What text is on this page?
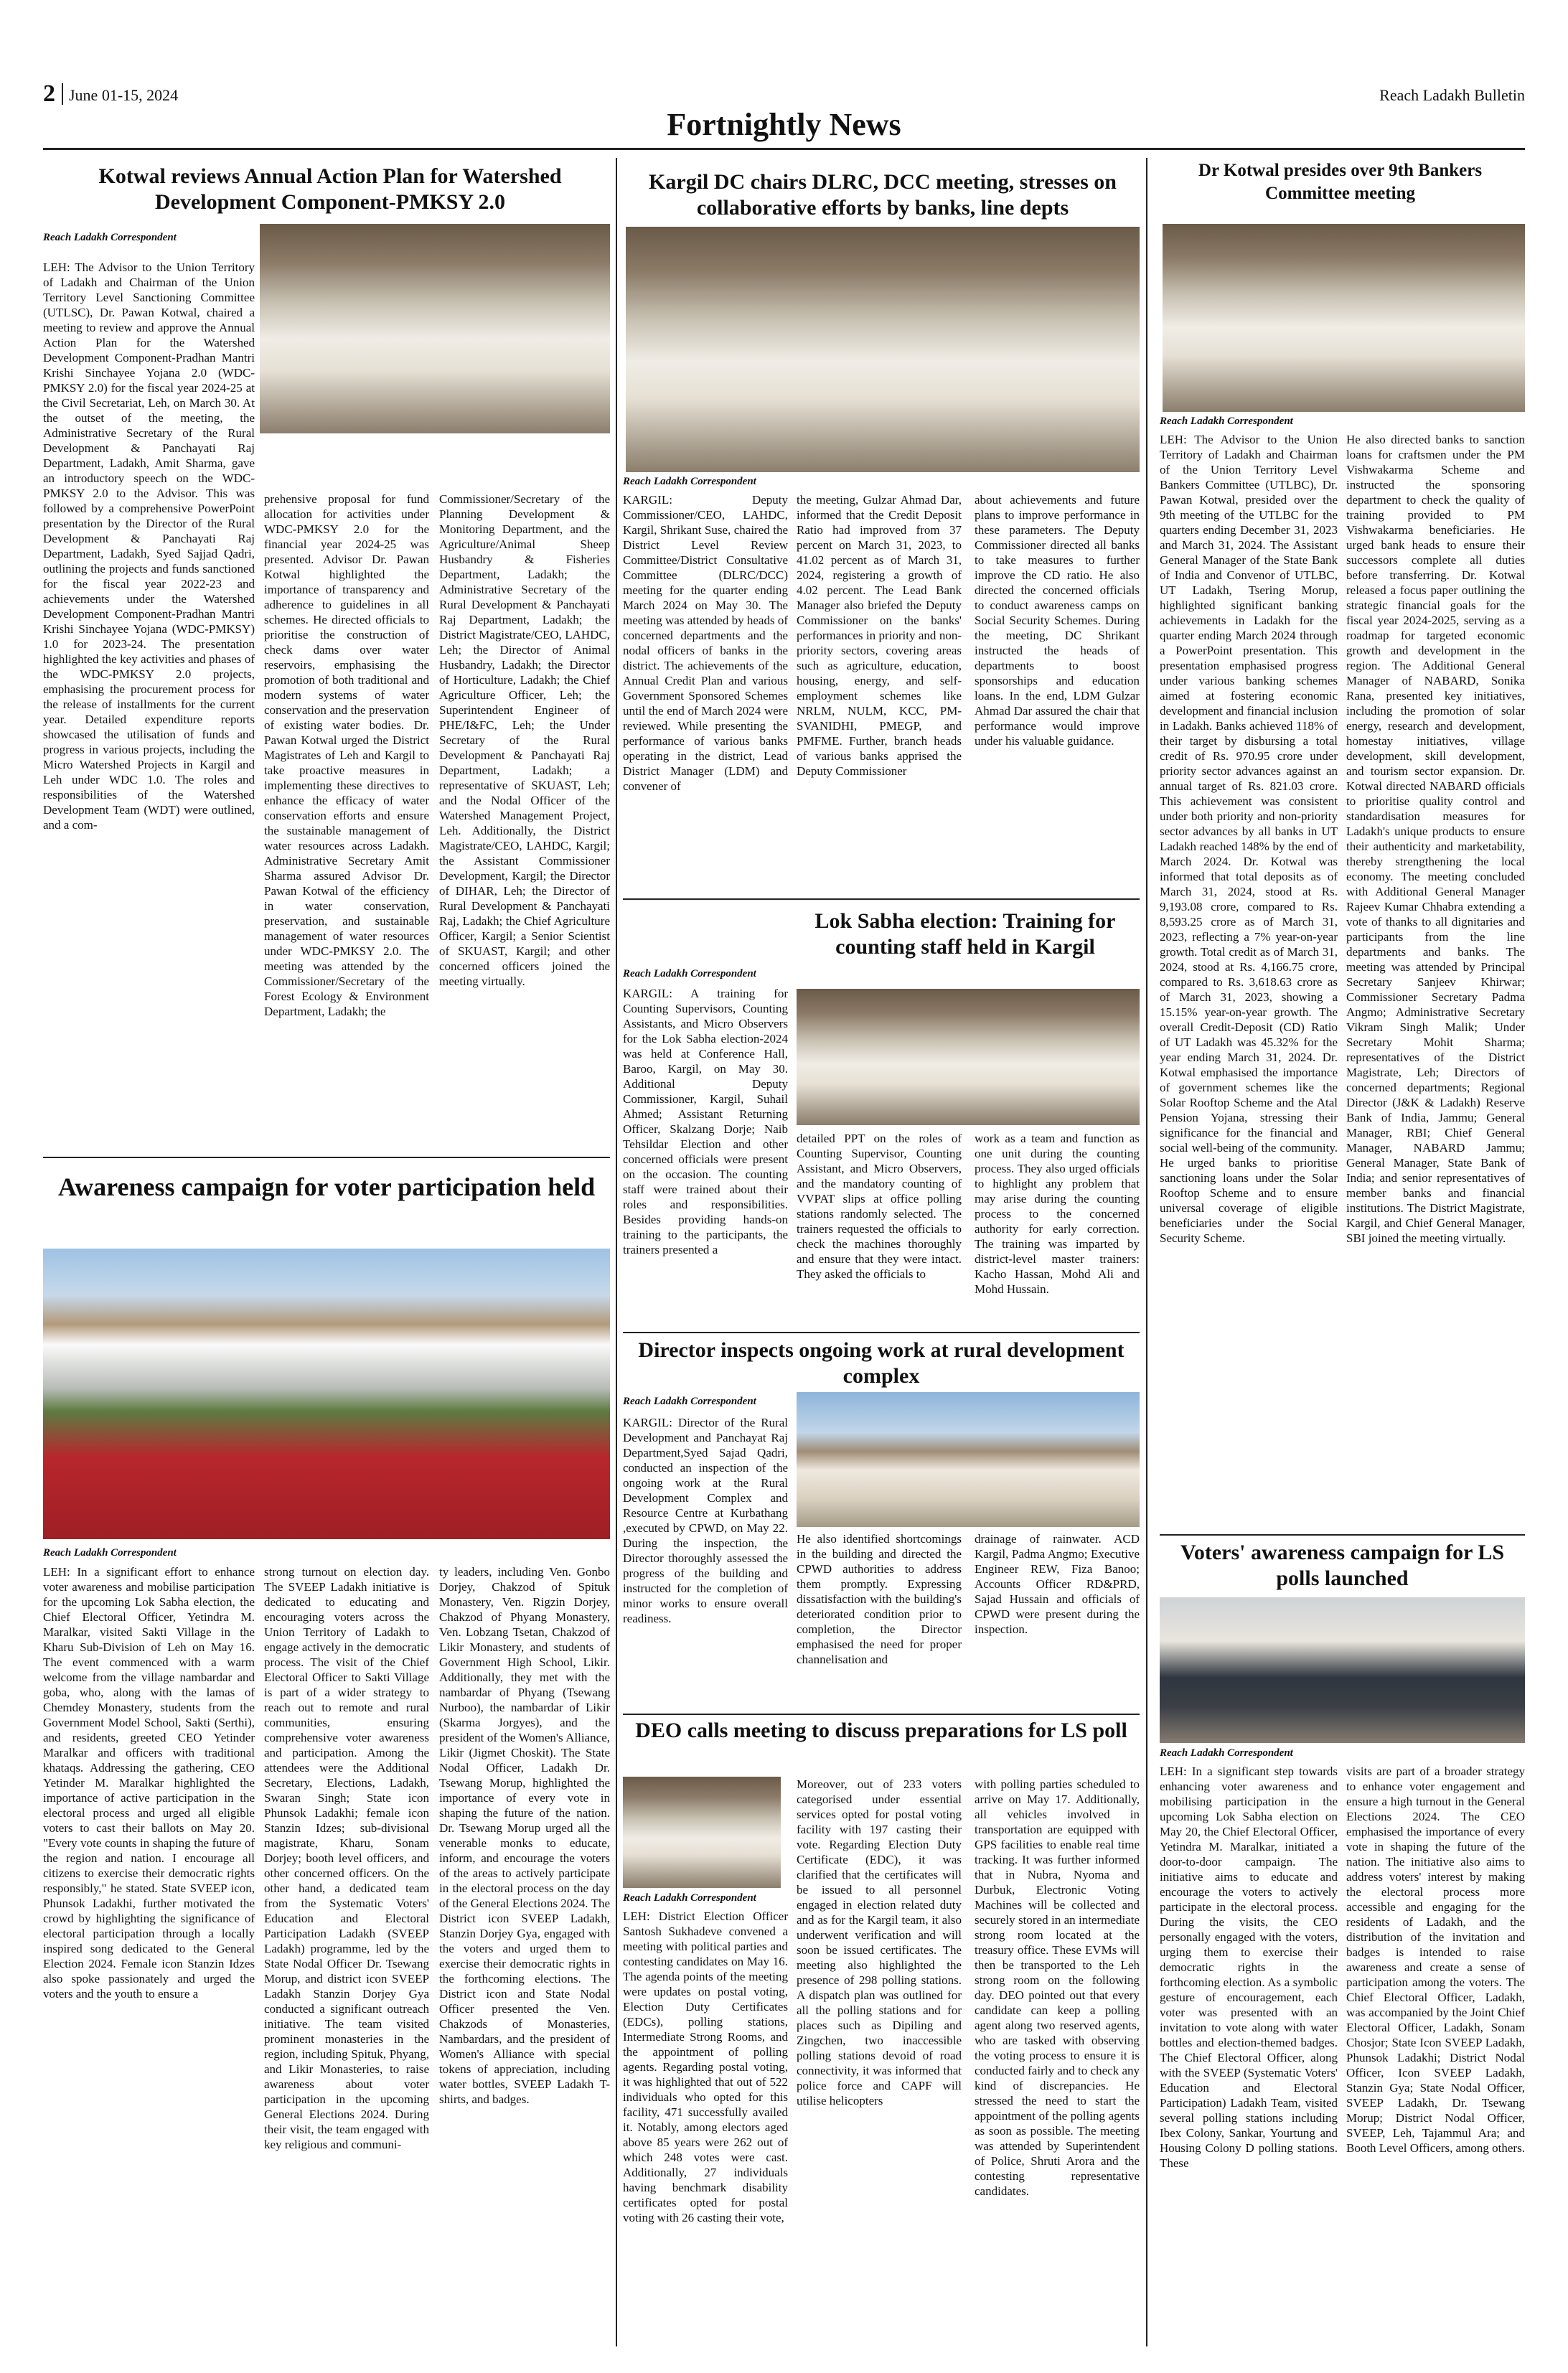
2 June 01-15, 2024	Reach Ladakh Bulletin
Fortnightly News
Kotwal reviews Annual Action Plan for Watershed Development Component-PMKSY 2.0
Reach Ladakh Correspondent
LEH: The Advisor to the Union Territory of Ladakh and Chairman of the Union Territory Level Sanctioning Committee (UTLSC), Dr. Pawan Kotwal, chaired a meeting to review and approve the Annual Action Plan for the Watershed Development Component-Pradhan Mantri Krishi Sinchayee Yojana 2.0 (WDC-PMKSY 2.0) for the fiscal year 2024-25 at the Civil Secretariat, Leh, on March 30. At the outset of the meeting, the Administrative Secretary of the Rural Development & Panchayati Raj Department, Ladakh, Amit Sharma, gave an introductory speech on the WDC-PMKSY 2.0 to the Advisor. This was followed by a comprehensive PowerPoint presentation by the Director of the Rural Development & Panchayati Raj Department, Ladakh, Syed Sajjad Qadri, outlining the projects and funds sanctioned for the fiscal year 2022-23 and achievements under the Watershed Development Component-Pradhan Mantri Krishi Sinchayee Yojana (WDC-PMKSY) 1.0 for 2023-24. The presentation highlighted the key activities and phases of the WDC-PMKSY 2.0 projects, emphasising the procurement process for the release of installments for the current year. Detailed expenditure reports showcased the utilisation of funds and progress in various projects, including the Micro Watershed Projects in Kargil and Leh under WDC 1.0. The roles and responsibilities of the Watershed Development Team (WDT) were outlined, and a com-
prehensive proposal for fund allocation for activities under WDC-PMKSY 2.0 for the financial year 2024-25 was presented. Advisor Dr. Pawan Kotwal highlighted the importance of transparency and adherence to guidelines in all schemes. He directed officials to prioritise the construction of check dams over water reservoirs, emphasising the promotion of both traditional and modern systems of water conservation and the preservation of existing water bodies. Dr. Pawan Kotwal urged the District Magistrates of Leh and Kargil to take proactive measures in implementing these directives to enhance the efficacy of water conservation efforts and ensure the sustainable management of water resources across Ladakh. Administrative Secretary Amit Sharma assured Advisor Dr. Pawan Kotwal of the efficiency in water conservation, preservation, and sustainable management of water resources under WDC-PMKSY 2.0. The meeting was attended by the Commissioner/Secretary of the Forest Ecology & Environment Department, Ladakh; the
Commissioner/Secretary of the Planning Development & Monitoring Department, and the Agriculture/Animal Sheep Husbandry & Fisheries Department, Ladakh; the Administrative Secretary of the Rural Development & Panchayati Raj Department, Ladakh; the District Magistrate/CEO, LAHDC, Leh; the Director of Animal Husbandry, Ladakh; the Director of Horticulture, Ladakh; the Chief Agriculture Officer, Leh; the Superintendent Engineer of PHE/I&FC, Leh; the Under Secretary of the Rural Development & Panchayati Raj Department, Ladakh; a representative of SKUAST, Leh; and the Nodal Officer of the Watershed Management Project, Leh. Additionally, the District Magistrate/CEO, LAHDC, Kargil; the Assistant Commissioner Development, Kargil; the Director of DIHAR, Leh; the Director of Rural Development & Panchayati Raj, Ladakh; the Chief Agriculture Officer, Kargil; a Senior Scientist of SKUAST, Kargil; and other concerned officers joined the meeting virtually.
Awareness campaign for voter participation held
Reach Ladakh Correspondent
LEH: In a significant effort to enhance voter awareness and mobilise participation for the upcoming Lok Sabha election, the Chief Electoral Officer, Yetindra M. Maralkar, visited Sakti Village in the Kharu Sub-Division of Leh on May 16. The event commenced with a warm welcome from the village nambardar and goba, who, along with the lamas of Chemdey Monastery, students from the Government Model School, Sakti (Serthi), and residents, greeted CEO Yetinder Maralkar and officers with traditional khataqs. Addressing the gathering, CEO Yetinder M. Maralkar highlighted the importance of active participation in the electoral process and urged all eligible voters to cast their ballots on May 20. "Every vote counts in shaping the future of the region and nation. I encourage all citizens to exercise their democratic rights responsibly," he stated. State SVEEP icon, Phunsok Ladakhi, further motivated the crowd by highlighting the significance of electoral participation through a locally inspired song dedicated to the General Election 2024. Female icon Stanzin Idzes also spoke passionately and urged the voters and the youth to ensure a
strong turnout on election day. The SVEEP Ladakh initiative is dedicated to educating and encouraging voters across the Union Territory of Ladakh to engage actively in the democratic process. The visit of the Chief Electoral Officer to Sakti Village is part of a wider strategy to reach out to remote and rural communities, ensuring comprehensive voter awareness and participation. Among the attendees were the Additional Secretary, Elections, Ladakh, Swaran Singh; State icon Phunsok Ladakhi; female icon Stanzin Idzes; sub-divisional magistrate, Kharu, Sonam Dorjey; booth level officers, and other concerned officers. On the other hand, a dedicated team from the Systematic Voters' Education and Electoral Participation Ladakh (SVEEP Ladakh) programme, led by the State Nodal Officer Dr. Tsewang Morup, and district icon SVEEP Ladakh Stanzin Dorjey Gya conducted a significant outreach initiative. The team visited prominent monasteries in the region, including Spituk, Phyang, and Likir Monasteries, to raise awareness about voter participation in the upcoming General Elections 2024. During their visit, the team engaged with key religious and communi-
ty leaders, including Ven. Gonbo Dorjey, Chakzod of Spituk Monastery, Ven. Rigzin Dorjey, Chakzod of Phyang Monastery, Ven. Lobzang Tsetan, Chakzod of Likir Monastery, and students of Government High School, Likir. Additionally, they met with the nambardar of Phyang (Tsewang Nurboo), the nambardar of Likir (Skarma Jorgyes), and the president of the Women's Alliance, Likir (Jigmet Choskit). The State Nodal Officer, Ladakh Dr. Tsewang Morup, highlighted the importance of every vote in shaping the future of the nation. Dr. Tsewang Morup urged all the venerable monks to educate, inform, and encourage the voters of the areas to actively participate in the electoral process on the day of the General Elections 2024. The District icon SVEEP Ladakh, Stanzin Dorjey Gya, engaged with the voters and urged them to exercise their democratic rights in the forthcoming elections. The District icon and State Nodal Officer presented the Ven. Chakzods of Monasteries, Nambardars, and the president of Women's Alliance with special tokens of appreciation, including water bottles, SVEEP Ladakh T-shirts, and badges.
Kargil DC chairs DLRC, DCC meeting, stresses on collaborative efforts by banks, line depts
Reach Ladakh Correspondent
KARGIL: Deputy Commissioner/CEO, LAHDC, Kargil, Shrikant Suse, chaired the District Level Review Committee/District Consultative Committee (DLRC/DCC) meeting for the quarter ending March 2024 on May 30. The meeting was attended by heads of concerned departments and the nodal officers of banks in the district. The achievements of the Annual Credit Plan and various Government Sponsored Schemes until the end of March 2024 were reviewed. While presenting the performance of various banks operating in the district, Lead District Manager (LDM) and convener of
the meeting, Gulzar Ahmad Dar, informed that the Credit Deposit Ratio had improved from 37 percent on March 31, 2023, to 41.02 percent as of March 31, 2024, registering a growth of 4.02 percent. The Lead Bank Manager also briefed the Deputy Commissioner on the banks' performances in priority and non-priority sectors, covering areas such as agriculture, education, housing, energy, and self-employment schemes like NRLM, NULM, KCC, PM-SVANIDHI, PMEGP, and PMFME. Further, branch heads of various banks apprised the Deputy Commissioner
about achievements and future plans to improve performance in these parameters. The Deputy Commissioner directed all banks to take measures to further improve the CD ratio. He also directed the concerned officials to conduct awareness camps on Social Security Schemes. During the meeting, DC Shrikant instructed the heads of departments to boost sponsorships and education loans. In the end, LDM Gulzar Ahmad Dar assured the chair that performance would improve under his valuable guidance.
Lok Sabha election: Training for counting staff held in Kargil
Reach Ladakh Correspondent
KARGIL: A training for Counting Supervisors, Counting Assistants, and Micro Observers for the Lok Sabha election-2024 was held at Conference Hall, Baroo, Kargil, on May 30. Additional Deputy Commissioner, Kargil, Suhail Ahmed; Assistant Returning Officer, Skalzang Dorje; Naib Tehsildar Election and other concerned officials were present on the occasion. The counting staff were trained about their roles and responsibilities. Besides providing hands-on training to the participants, the trainers presented a
detailed PPT on the roles of Counting Supervisor, Counting Assistant, and Micro Observers, and the mandatory counting of VVPAT slips at office polling stations randomly selected. The trainers requested the officials to check the machines thoroughly and ensure that they were intact. They asked the officials to
work as a team and function as one unit during the counting process. They also urged officials to highlight any problem that may arise during the counting process to the concerned authority for early correction. The training was imparted by district-level master trainers: Kacho Hassan, Mohd Ali and Mohd Hussain.
Director inspects ongoing work at rural development complex
Reach Ladakh Correspondent
KARGIL: Director of the Rural Development and Panchayat Raj Department,Syed Sajad Qadri, conducted an inspection of the ongoing work at the Rural Development Complex and Resource Centre at Kurbathang ,executed by CPWD, on May 22. During the inspection, the Director thoroughly assessed the progress of the building and instructed for the completion of minor works to ensure overall readiness.
He also identified shortcomings in the building and directed the CPWD authorities to address them promptly. Expressing dissatisfaction with the building's deteriorated condition prior to completion, the Director emphasised the need for proper channelisation and
drainage of rainwater. ACD Kargil, Padma Angmo; Executive Engineer REW, Fiza Banoo; Accounts Officer RD&PRD, Sajad Hussain and officials of CPWD were present during the inspection.
DEO calls meeting to discuss preparations for LS poll
Reach Ladakh Correspondent
LEH: District Election Officer Santosh Sukhadeve convened a meeting with political parties and contesting candidates on May 16. The agenda points of the meeting were updates on postal voting, Election Duty Certificates (EDCs), polling stations, Intermediate Strong Rooms, and the appointment of polling agents. Regarding postal voting, it was highlighted that out of 522 individuals who opted for this facility, 471 successfully availed it. Notably, among electors aged above 85 years were 262 out of which 248 votes were cast. Additionally, 27 individuals having benchmark disability certificates opted for postal voting with 26 casting their vote,
Moreover, out of 233 voters categorised under essential services opted for postal voting facility with 197 casting their vote. Regarding Election Duty Certificate (EDC), it was clarified that the certificates will be issued to all personnel engaged in election related duty and as for the Kargil team, it also underwent verification and will soon be issued certificates. The meeting also highlighted the presence of 298 polling stations. A dispatch plan was outlined for all the polling stations and for places such as Dipiling and Zingchen, two inaccessible polling stations devoid of road connectivity, it was informed that police force and CAPF will utilise helicopters
with polling parties scheduled to arrive on May 17. Additionally, all vehicles involved in transportation are equipped with GPS facilities to enable real time tracking. It was further informed that in Nubra, Nyoma and Durbuk, Electronic Voting Machines will be collected and securely stored in an intermediate strong room located at the treasury office. These EVMs will then be transported to the Leh strong room on the following day. DEO pointed out that every candidate can keep a polling agent along two reserved agents, who are tasked with observing the voting process to ensure it is conducted fairly and to check any kind of discrepancies. He stressed the need to start the appointment of the polling agents as soon as possible. The meeting was attended by Superintendent of Police, Shruti Arora and the contesting representative candidates.
Dr Kotwal presides over 9th Bankers Committee meeting
Reach Ladakh Correspondent
LEH: The Advisor to the Union Territory of Ladakh and Chairman of the Union Territory Level Bankers Committee (UTLBC), Dr. Pawan Kotwal, presided over the 9th meeting of the UTLBC for the quarters ending December 31, 2023 and March 31, 2024. The Assistant General Manager of the State Bank of India and Convenor of UTLBC, UT Ladakh, Tsering Morup, highlighted significant banking achievements in Ladakh for the quarter ending March 2024 through a PowerPoint presentation. This presentation emphasised progress under various banking schemes aimed at fostering economic development and financial inclusion in Ladakh. Banks achieved 118% of their target by disbursing a total credit of Rs. 970.95 crore under priority sector advances against an annual target of Rs. 821.03 crore. This achievement was consistent under both priority and non-priority sector advances by all banks in UT Ladakh reached 148% by the end of March 2024. Dr. Kotwal was informed that total deposits as of March 31, 2024, stood at Rs. 9,193.08 crore, compared to Rs. 8,593.25 crore as of March 31, 2023, reflecting a 7% year-on-year growth. Total credit as of March 31, 2024, stood at Rs. 4,166.75 crore, compared to Rs. 3,618.63 crore as of March 31, 2023, showing a 15.15% year-on-year growth. The overall Credit-Deposit (CD) Ratio of UT Ladakh was 45.32% for the year ending March 31, 2024. Dr. Kotwal emphasised the importance of government schemes like the Solar Rooftop Scheme and the Atal Pension Yojana, stressing their significance for the financial and social well-being of the community. He urged banks to prioritise sanctioning loans under the Solar Rooftop Scheme and to ensure universal coverage of eligible beneficiaries under the Social Security Scheme.
He also directed banks to sanction loans for craftsmen under the PM Vishwakarma Scheme and instructed the sponsoring department to check the quality of training provided to PM Vishwakarma beneficiaries. He urged bank heads to ensure their successors complete all duties before transferring. Dr. Kotwal released a focus paper outlining the strategic financial goals for the fiscal year 2024-2025, serving as a roadmap for targeted economic growth and development in the region. The Additional General Manager of NABARD, Sonika Rana, presented key initiatives, including the promotion of solar energy, research and development, homestay initiatives, village development, skill development, and tourism sector expansion. Dr. Kotwal directed NABARD officials to prioritise quality control and standardisation measures for Ladakh's unique products to ensure their authenticity and marketability, thereby strengthening the local economy. The meeting concluded with Additional General Manager Rajeev Kumar Chhabra extending a vote of thanks to all dignitaries and participants from the line departments and banks. The meeting was attended by Principal Secretary Sanjeev Khirwar; Commissioner Secretary Padma Angmo; Administrative Secretary Vikram Singh Malik; Under Secretary Mohit Sharma; representatives of the District Magistrate, Leh; Directors of concerned departments; Regional Director (J&K & Ladakh) Reserve Bank of India, Jammu; General Manager, RBI; Chief General Manager, NABARD Jammu; General Manager, State Bank of India; and senior representatives of member banks and financial institutions. The District Magistrate, Kargil, and Chief General Manager, SBI joined the meeting virtually.
Voters' awareness campaign for LS polls launched
Reach Ladakh Correspondent
LEH: In a significant step towards enhancing voter awareness and mobilising participation in the upcoming Lok Sabha election on May 20, the Chief Electoral Officer, Yetindra M. Maralkar, initiated a door-to-door campaign. The initiative aims to educate and encourage the voters to actively participate in the electoral process. During the visits, the CEO personally engaged with the voters, urging them to exercise their democratic rights in the forthcoming election. As a symbolic gesture of encouragement, each voter was presented with an invitation to vote along with water bottles and election-themed badges. The Chief Electoral Officer, along with the SVEEP (Systematic Voters' Education and Electoral Participation) Ladakh Team, visited several polling stations including Ibex Colony, Sankar, Yourtung and Housing Colony D polling stations. These
visits are part of a broader strategy to enhance voter engagement and ensure a high turnout in the General Elections 2024. The CEO emphasised the importance of every vote in shaping the future of the nation. The initiative also aims to address voters' interest by making the electoral process more accessible and engaging for the residents of Ladakh, and the distribution of the invitation and badges is intended to raise awareness and create a sense of participation among the voters. The Chief Electoral Officer, Ladakh, was accompanied by the Joint Chief Electoral Officer, Ladakh, Sonam Chosjor; State Icon SVEEP Ladakh, Phunsok Ladakhi; District Nodal Officer, Icon SVEEP Ladakh, Stanzin Gya; State Nodal Officer, SVEEP Ladakh, Dr. Tsewang Morup; District Nodal Officer, SVEEP, Leh, Tajammul Ara; and Booth Level Officers, among others.
